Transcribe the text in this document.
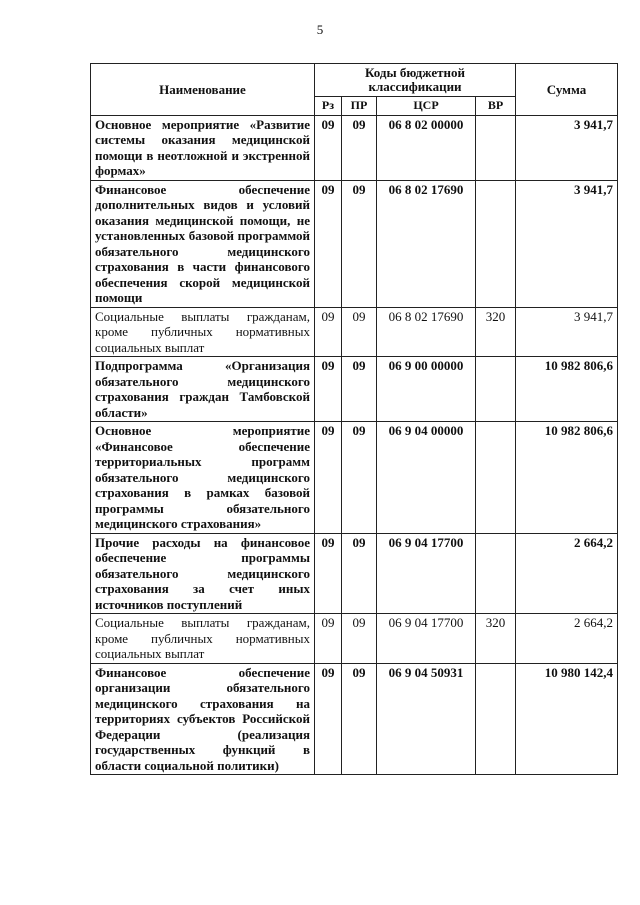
5
Наименование	Коды бюджетной классификации				Сумма
	Рз	ПР	ЦСР	ВР	
Основное мероприятие «Развитие системы оказания медицинской помощи в неотложной и экстренной формах»	09	09	06 8 02 00000		3 941,7
Финансовое обеспечение дополнительных видов и условий оказания медицинской помощи, не установленных базовой программой обязательного медицинского страхования в части финансового обеспечения скорой медицинской помощи	09	09	06 8 02 17690		3 941,7
Социальные выплаты гражданам, кроме публичных нормативных социальных выплат	09	09	06 8 02 17690	320	3 941,7
Подпрограмма «Организация обязательного медицинского страхования граждан Тамбовской области»	09	09	06 9 00 00000		10 982 806,6
Основное мероприятие «Финансовое обеспечение территориальных программ обязательного медицинского страхования в рамках базовой программы обязательного медицинского страхования»	09	09	06 9 04 00000		10 982 806,6
Прочие расходы на финансовое обеспечение программы обязательного медицинского страхования за счет иных источников поступлений	09	09	06 9 04 17700		2 664,2
Социальные выплаты гражданам, кроме публичных нормативных социальных выплат	09	09	06 9 04 17700	320	2 664,2
Финансовое обеспечение организации обязательного медицинского страхования на территориях субъектов Российской Федерации (реализация государственных функций в области социальной политики)	09	09	06 9 04 50931		10 980 142,4
